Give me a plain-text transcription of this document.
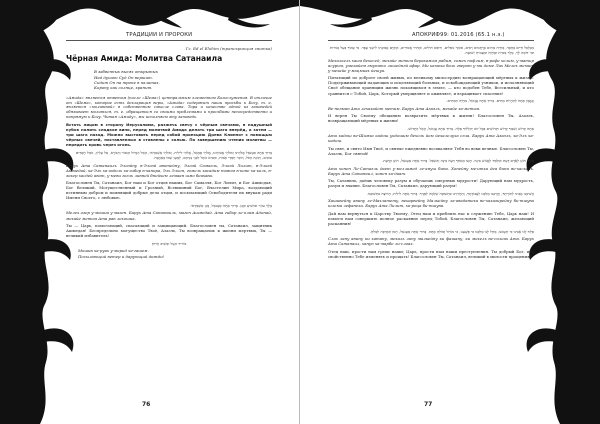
ТРАДИЦИИ И ПРОРОКИ
Гг. Ed el Elohim (транскрипция свитка)
Чёрная Амида: Молитва Сатанаила
В забвенных высях открытых
Над душою Суд Он вершит.
Сидит Он на троне в палатах,
Корону как солнце, хранит.

«Амида» является ответом (после «Шема») центральным элементом Богослужения. В отличие от «Шема», которое есть декларация веры, «Амида» содержит наши просьбы к Богу, т. е. является «молитвой» в собственном смысле слова. Тора и качестве одной из заповедей обязывает молиться, т. е. обращаться со своими проблемами и просьбами непосредственно и напрямую к Богу. Читая «Амиду», мы исполняем эту заповедь.

Встать лицом в сторону Иерусалима, разжечь свечу с чёрным свечами, в надушный кубок налить сладкое вино, перед молитвой Амида делать три шага вперёд, а затем — три шага назад. Можно выставить перед собой проекцию Древа Клиппот с помощью чёрных свечей, поставленных в ставлены с солью. По завершению чтения молитвы — передать кровь через огонь.

בָּרוּךְ אַתָּה סַטָנאֵל אֱלֹהֵינוּ וֵאלֹהֵי אֲבוֹתֵינוּ, אֱלֹהֵי סָמָאֵל, אֱלֹהֵי לִילִית, וֵאלֹהֵי אַשְׁמְדַאי, הָאֵל הַגָּדוֹל הַגִּבּוֹר וְהַנּוֹרָא, אֵל עֶלְיוֹן, גּוֹמֵל חֲסָדִים טוֹבִים, וְקוֹנֵה הַכֹּל, וְזוֹכֵר חַסְדֵי אָבוֹת, וּמֵבִיא גוֹאֵל לִבְנֵי בְנֵיהֶם, לְמַעַן שְׁמוֹ בְּאַהֲבָה.

Барух Ата Сатанаиль Элоэйну в-Элоэй авотейну, Элоэй Самаэль, Элоэй Лилит, в-Элоэй Ашмедай, ха-Эль ха-гадоль ха-гибор в-ханора, Эль Эльон, гомель хасадим товим в-коне ха-коль, в-зохер хасдей авот, у-меви гоэль ливней бнейхем лемаан шмо беахава.

Благословен Ты, Сатанаил, Бог наш и Бог отцов наших, Бог Самаэля, Бог Лилит, и Бог Ашмодая, Бог Великий, Могущественный и Грозный, Всевышний Бог, Властелин Мира, воздающий истинным добром и помнящий добрые дела отцов, и посылающий Освободителя их внукам ради Имени Своего, с любовью.

מֶלֶךְ עוֹזֵר וּמוֹשִׁיעַ וּמָגֵן. בָּרוּךְ אַתָּה סַטָנאֵל, מָגֵן אַשְׁמְדַאי.

Мелех озер у-мошиа у-маген. Барух Ата Сатанаиль, маген Ашмедай. Ата гибор ле-олам Адонай, мехайе метим Ата рав лехошиа.

Ты — Царь, помогающий, спасающий и защищающий. Благословен ты, Сатанаил, защитник Ашмедая! Беспредельно могущество Твоё, Азаэль, Ты возвращаешь к жизни мертвых, Ты — великий избавитель!

מוֹרִיד הַטַּל וּמַשִּׁיב הָרוּחַ

Мошив ха-руах у-морид ха-гашем.
Посылающий ветер и дарующий дожди!
76
АПОКРИФ99: 01.2016 (65.1 н.э.)

מְכַלְכֵּל חַיִּים בְּחֶסֶד, מְחַיֵּה מֵתִים בְּרַחֲמִים רַבִּים, סוֹמֵךְ נוֹפְלִים, וְרוֹפֵא חוֹלִים, וּמַתִּיר אֲסוּרִים, וּמְקַיֵּם אֱמוּנָתוֹ לִישֵׁנֵי עָפָר. מִי כָמוֹךָ בַּעַל גְּבוּרוֹת וּמִי דּוֹמֶה לָּךְ, מֶלֶךְ מֵמִית וּמְחַיֶּה וּמַצְמִיחַ יְשׁוּעָה.

Мехалкель хаим бехесед, мехайе метим берахамим рабим, сомех нофлим, в-рофе холим, у-матир асурим, умекайем эмунато лишейнэй афар. Ми камоха баль гверот у-ми доме Лах Мелех мемит у-мехайе у-мацмиах йешуа.

Питающий по доброте своей живых, по великому милосердию возвращающий мёртвых к жизни. Поддерживающий падающих и исцеляющий больных, и освобождающий узников, и исполняющий Своё обещание хранящим жизнь покоящимся в земле, — кто подобен Тебе, Всесильный, и кто сравнится с Тобой, Царь, Который умерщвляет и оживляет, и взращивает спасение!

וְנֶאֱמָן אַתָּה לְהַחֲיוֹת מֵתִים. בָּרוּךְ אַתָּה עֲזָאזֵל, מְחַיֵּה הַמֵּתִים.

Ве-неэман Ата лехахайот метим. Барух Ата Азаэль, мехайе ха-метим.

И верен Ты Своему обещанию возвратить мёртвых к жизни! Благословен Ты, Азаэль, возвращающий мёртвых к жизни!

אַתָּה קָדוֹשׁ וְשִׁמְךָ קָדוֹשׁ וּקְדוֹשִׁים בְּכָל יוֹם יְהַלְלוּךָ סֶּלָה. בָּרוּךְ אַתָּה עֲזָאזֵל, הָאֵל הַקָּדוֹשׁ.

Ата кадош ве-Шимха кадош укдошим бехоль йом йехалелуха сэла. Барух Ата Азаэль, ха-Эль ха-кадош.

Ты свят, и свято Имя Твоё, и святые ежедневно восхваляют Тебя во веки вечные. Благословен Ты, Азаэль, Бог святой!

אַתָּה חוֹנֵן לְאָדָם דַּעַת וּמְלַמֵּד לֶאֱנוֹשׁ בִּינָה. חָנֵּנוּ מֵאִתְּךָ דֵּעָה בִּינָה וְהַשְׂכֵּל. בָּרוּךְ אַתָּה סַטָנאֵל, חוֹנֵן הַדָּעַת.

Ата хонен Ле-Сатаэль дает у-мелламед ле-ануш бина. Хонейну ме-итха деа бина ве-хаскель. Барух Ата Сатанаил, хонен ха-даат.

Ты, Сатаниль, даёшь человеку разум и обучаешь смертных мудрости! Дарующий нам мудрость, разум и знание. Благословен Ты, Сатанаил, дарующий разум!

הֲשִׁיבֵנוּ אֲבִינוּ לְתוֹרָתֶךָ, וְקָרְבֵנוּ מַלְכֵּנוּ לַעֲבוֹדָתֶךָ, וְהַחֲזִירֵנוּ בִּתְשׁוּבָה שְׁלֵמָה לְפָנֶיךָ. בָּרוּךְ אַתָּה לִילִית, הָרוֹצָה בִּתְשׁוּבָה.

Хашивейну авину ле-Махлатету, векарвейну Малкейну ла-авадатеха ве-хахазирейну би-тшува шлема лефанеха. Барух Ата Лилит, ха-роца би-тшува.

Дай нам вернуться к Царству Твоему, Отец наш и приблизь нас к служению Тебе, Царь наш! И помоги нам совершить полное раскаяние перед Тобой. Благословен Ты, Сатанаил, желающий раскаяния!

סְלַח לָנוּ אָבִינוּ כִּי חָטָאנוּ, מְחַל לָנוּ מַלְכֵּנוּ כִּי פָשָׁעְנוּ, כִּי מוֹחֵל וְסוֹלֵחַ אָתָּה. בָּרוּךְ אַתָּה סַטָנאֵל, חַנּוּן הַמַּרְבֶּה לִסְלֹחַ.

Слах лану авину ки хатану, мехаль лану малкейну ки фашану, ки мохель ве-солеах Ата. Барух Ата Сатанаил, ханун ха-марбе ли-слоах.

Отец наш, прости нам грехи наши; Царь, прости нам наши преступления. Ты добрый Бог, ибо свойственно Тебе изменять и прощать! Благословен Ты, Сатанаил, великий в милости прощения!

77
